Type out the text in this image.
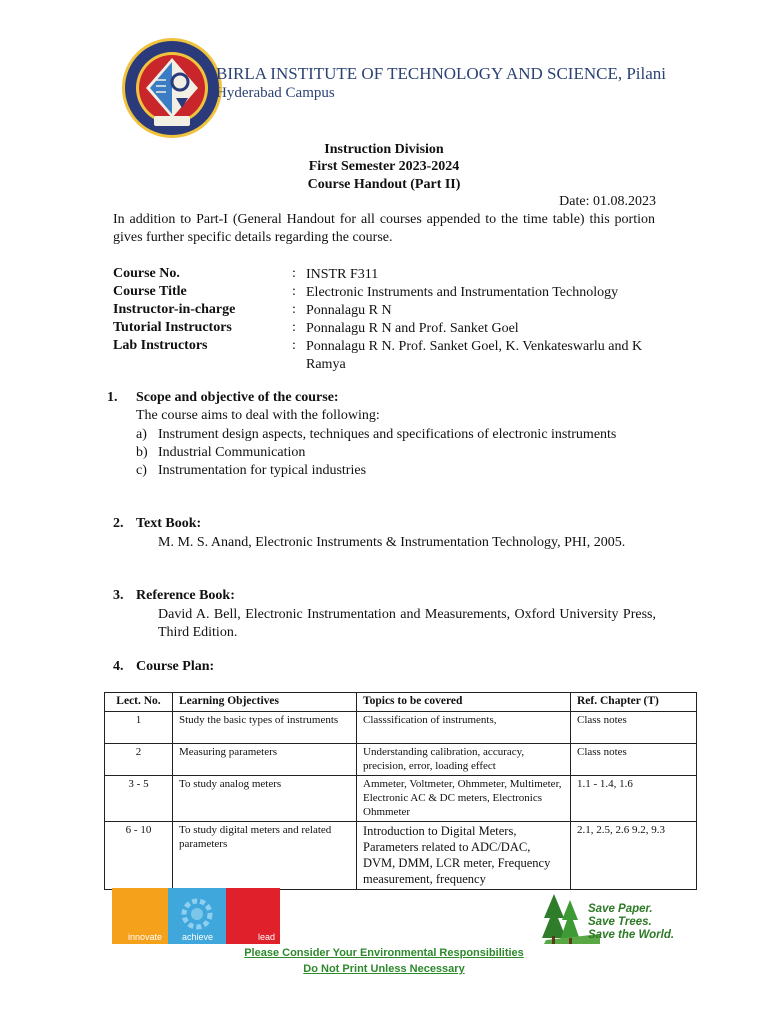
BIRLA INSTITUTE OF TECHNOLOGY AND SCIENCE, Pilani
Hyderabad Campus
Instruction Division
First Semester 2023-2024
Course Handout (Part II)
Date: 01.08.2023
In addition to Part-I (General Handout for all courses appended to the time table) this portion gives further specific details regarding the course.
Course No.	: INSTR F311
Course Title	: Electronic Instruments and Instrumentation Technology
Instructor-in-charge	: Ponnalagu R N
Tutorial Instructors	: Ponnalagu R N and Prof. Sanket Goel
Lab Instructors	: Ponnalagu R N. Prof. Sanket Goel, K. Venkateswarlu and K Ramya
1. Scope and objective of the course:
The course aims to deal with the following:
a) Instrument design aspects, techniques and specifications of electronic instruments
b) Industrial Communication
c) Instrumentation for typical industries
2. Text Book:
M. M. S. Anand, Electronic Instruments & Instrumentation Technology, PHI, 2005.
3. Reference Book:
David A. Bell, Electronic Instrumentation and Measurements, Oxford University Press, Third Edition.
4. Course Plan:
Lect. No.	Learning Objectives	Topics to be covered	Ref. Chapter (T)
1	Study the basic types of instruments	Classsification of instruments,	Class notes
2	Measuring parameters	Understanding calibration, accuracy, precision, error, loading effect	Class notes
3 - 5	To study analog meters	Ammeter, Voltmeter, Ohmmeter, Multimeter, Electronic AC & DC meters, Electronics Ohmmeter	1.1 - 1.4, 1.6
6 - 10	To study digital meters and related parameters	Introduction to Digital Meters, Parameters related to ADC/DAC, DVM, DMM, LCR meter, Frequency measurement, frequency	2.1, 2.5, 2.6 9.2, 9.3
innovate achieve	lead
Save Paper.
Save Trees.
Save the World.
Please Consider Your Environmental Responsibilities
Do Not Print Unless Necessary
